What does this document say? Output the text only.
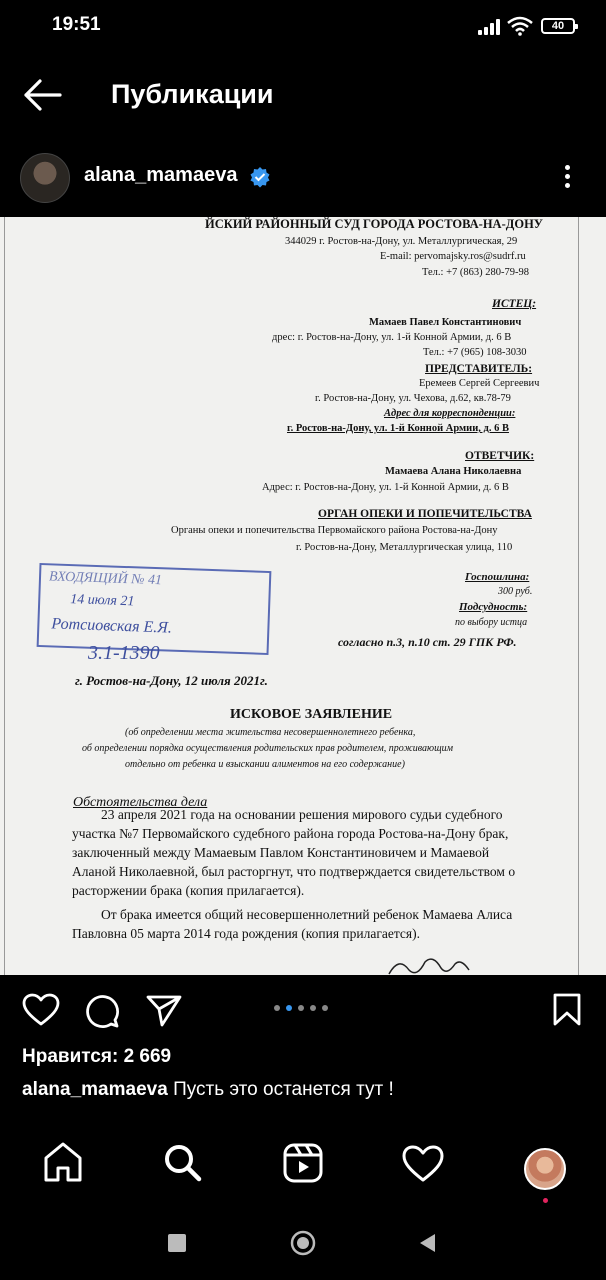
19:51	40
Публикации
alana_mamaeva
ЙСКИЙ РАЙОННЫЙ СУД ГОРОДА РОСТОВА-НА-ДОНУ
344029 г. Ростов-на-Дону, ул. Металлургическая, 29
E-mail: pervomajsky.ros@sudrf.ru
Тел.: +7 (863) 280-79-98
ИСТЕЦ:
Мамаев Павел Константинович
дрес: г. Ростов-на-Дону, ул. 1-й Конной Армии, д. 6 В
Тел.: +7 (965) 108-3030
ПРЕДСТАВИТЕЛЬ:
Еремеев Сергей Сергеевич
г. Ростов-на-Дону, ул. Чехова, д.62, кв.78-79
Адрес для корреспонденции:
г. Ростов-на-Дону, ул. 1-й Конной Армии, д. 6 В
ОТВЕТЧИК:
Мамаева Алана Николаевна
Адрес: г. Ростов-на-Дону, ул. 1-й Конной Армии, д. 6 В
ОРГАН ОПЕКИ И ПОПЕЧИТЕЛЬСТВА
Органы опеки и попечительства Первомайского района Ростова-на-Дону
г. Ростов-на-Дону, Металлургическая улица, 110
Госпошлина:
300 руб.
Подсудность:
по выбору истца
согласно п.3, п.10 ст. 29 ГПК РФ.
ВХОДЯЩИЙ № 41
14 июля 21
Ротсиовская Е.Я.
3.1-1390
г. Ростов-на-Дону, 12 июля 2021г.
ИСКОВОЕ ЗАЯВЛЕНИЕ
(об определении места жительства несовершеннолетнего ребенка,
об определении порядка осуществления родительских прав родителем, проживающим
отдельно от ребенка и взыскании алиментов на его содержание)
Обстоятельства дела
23 апреля 2021 года на основании решения мирового судьи судебного
участка №7 Первомайского судебного района города Ростова-на-Дону брак,
заключенный между Мамаевым Павлом Константиновичем и Мамаевой
Аланой Николаевной, был расторгнут, что подтверждается свидетельством о
расторжении брака (копия прилагается).
От брака имеется общий несовершеннолетний ребенок Мамаева Алиса
Павловна 05 марта 2014 года рождения (копия прилагается).
Нравится: 2 669
alana_mamaeva Пусть это останется тут !
